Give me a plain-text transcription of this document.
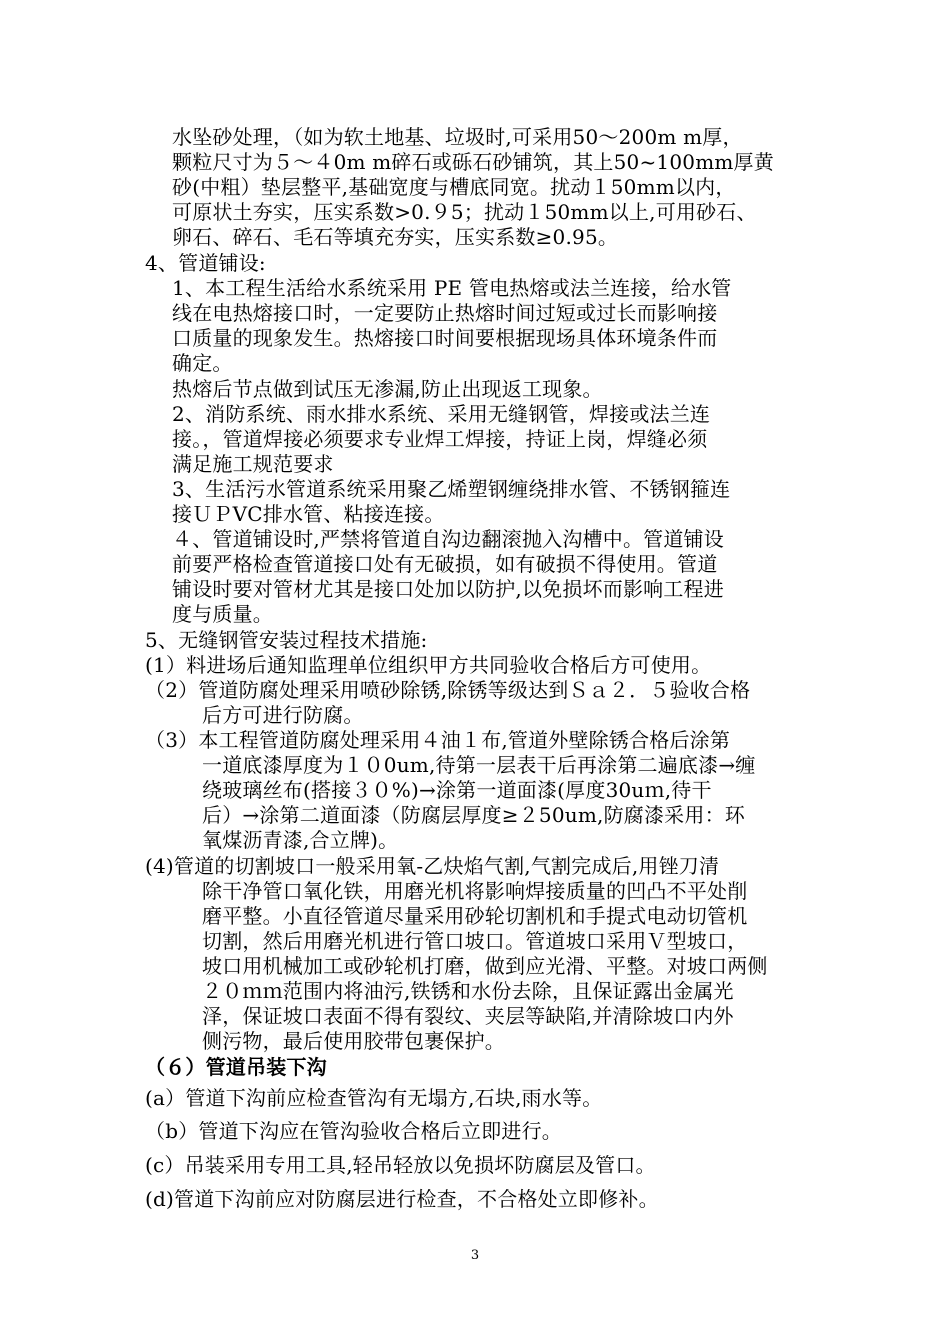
水坠砂处理，（如为软土地基、垃圾时,可采用50～200m m厚，
颗粒尺寸为５～４0m m碎石或砾石砂铺筑，其上50~100mm厚黄
砂(中粗）垫层整平,基础宽度与槽底同宽。扰动１50mm以内，
可原状土夯实，压实系数>0.９5；扰动１50mm以上,可用砂石、
卵石、碎石、毛石等填充夯实，压实系数≥0.95。
4、管道铺设:
1、本工程生活给水系统采用 PE 管电热熔或法兰连接，给水管
线在电热熔接口时，一定要防止热熔时间过短或过长而影响接
口质量的现象发生。热熔接口时间要根据现场具体环境条件而
确定。
热熔后节点做到试压无渗漏,防止出现返工现象。
2、消防系统、雨水排水系统、采用无缝钢管，焊接或法兰连
接。，管道焊接必须要求专业焊工焊接，持证上岗，焊缝必须
满足施工规范要求
3、生活污水管道系统采用聚乙烯塑钢缠绕排水管、不锈钢箍连
接ＵＰVC排水管、粘接连接。
４、管道铺设时,严禁将管道自沟边翻滚抛入沟槽中。管道铺设
前要严格检查管道接口处有无破损，如有破损不得使用。管道
铺设时要对管材尤其是接口处加以防护,以免损坏而影响工程进
度与质量。
5、无缝钢管安装过程技术措施:
(1）料进场后通知监理单位组织甲方共同验收合格后方可使用。
（2）管道防腐处理采用喷砂除锈,除锈等级达到Ｓａ２．５验收合格
后方可进行防腐。
（3）本工程管道防腐处理采用４油１布,管道外壁除锈合格后涂第
一道底漆厚度为１０0um,待第一层表干后再涂第二遍底漆→缠
绕玻璃丝布(搭接３０%)→涂第一道面漆(厚度30uｍ,待干
后）→涂第二道面漆（防腐层厚度≥２50um,防腐漆采用：环
氧煤沥青漆,合立牌)。
(4)管道的切割坡口一般采用氧-乙炔焰气割,气割完成后,用锉刀清
除干净管口氧化铁，用磨光机将影响焊接质量的凹凸不平处削
磨平整。小直径管道尽量采用砂轮切割机和手提式电动切管机
切割，然后用磨光机进行管口坡口。管道坡口采用Ｖ型坡口，
坡口用机械加工或砂轮机打磨，做到应光滑、平整。对坡口两侧
２０ｍｍ范围内将油污,铁锈和水份去除，且保证露出金属光
泽，保证坡口表面不得有裂纹、夹层等缺陷,并清除坡口内外
侧污物，最后使用胶带包裹保护。
（６）管道吊装下沟
(a）管道下沟前应检查管沟有无塌方,石块,雨水等。
（b）管道下沟应在管沟验收合格后立即进行。
(c）吊装采用专用工具,轻吊轻放以免损坏防腐层及管口。
(d)管道下沟前应对防腐层进行检查，不合格处立即修补。
3
